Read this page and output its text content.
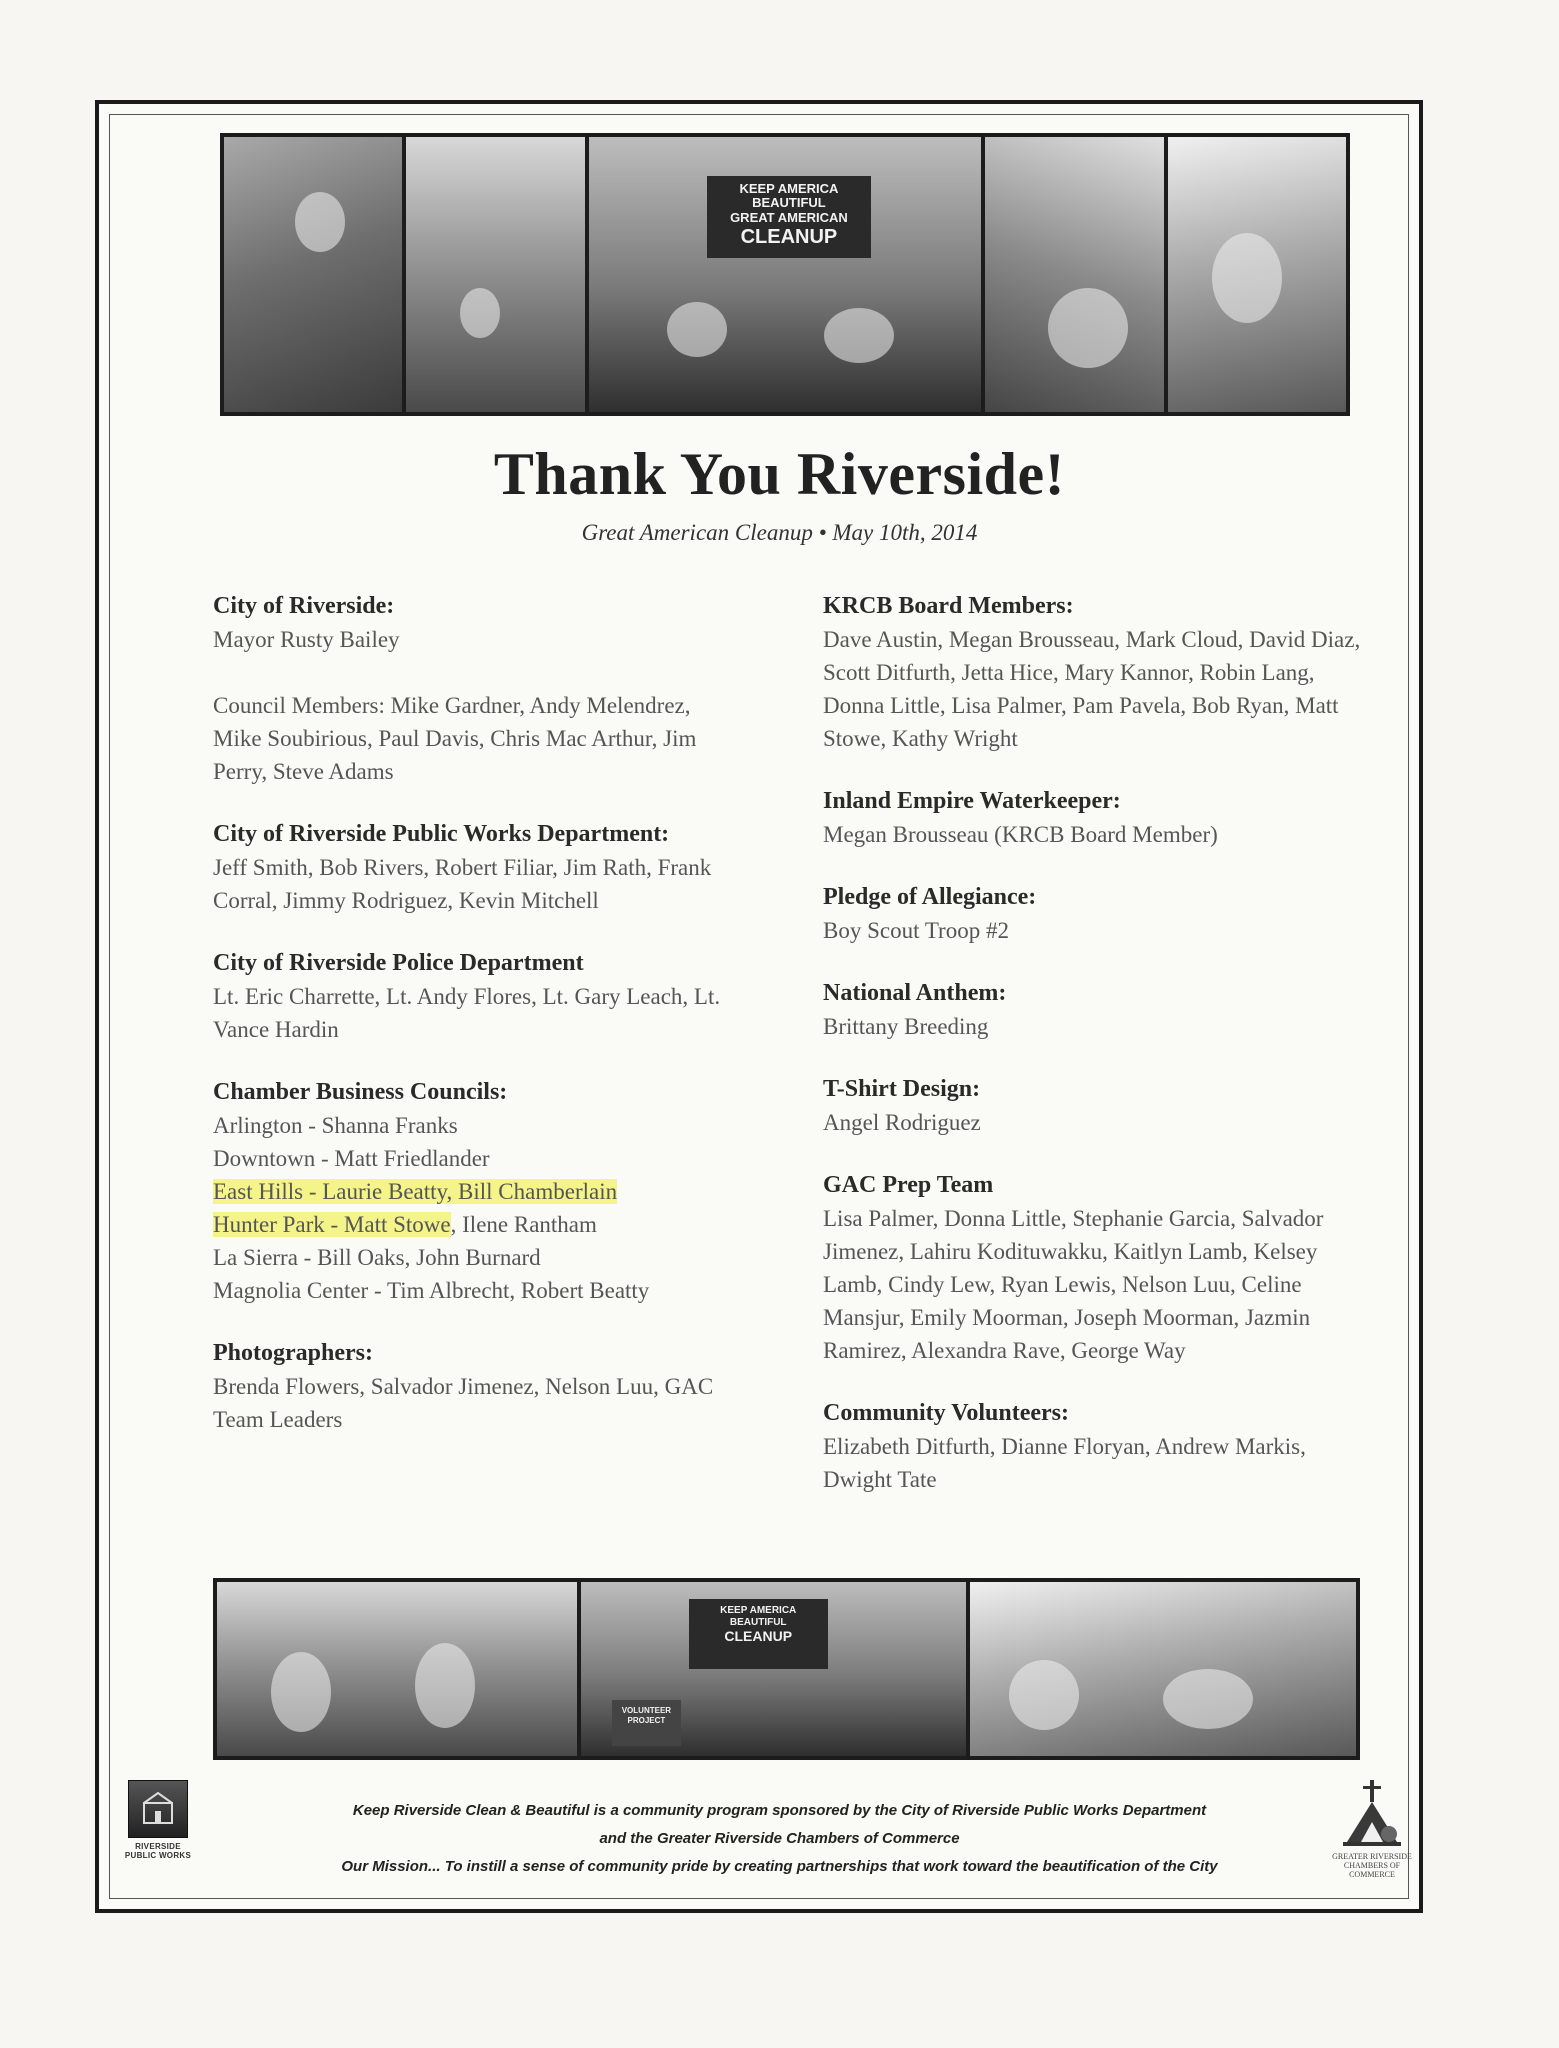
KEEP AMERICA
BEAUTIFUL
GREAT AMERICAN
CLEANUP
Thank You Riverside!
Great American Cleanup • May 10th, 2014
City of Riverside:

Mayor Rusty Bailey

Council Members: Mike Gardner, Andy Melendrez, Mike Soubirious, Paul Davis, Chris Mac Arthur, Jim Perry, Steve Adams

City of Riverside Public Works Department:

Jeff Smith, Bob Rivers, Robert Filiar, Jim Rath, Frank Corral, Jimmy Rodriguez, Kevin Mitchell

City of Riverside Police Department

Lt. Eric Charrette, Lt. Andy Flores, Lt. Gary Leach, Lt. Vance Hardin

Chamber Business Councils:

Arlington - Shanna Franks

Downtown - Matt Friedlander

East Hills - Laurie Beatty, Bill Chamberlain

Hunter Park - Matt Stowe, Ilene Rantham

La Sierra - Bill Oaks, John Burnard

Magnolia Center - Tim Albrecht, Robert Beatty

Photographers:

Brenda Flowers, Salvador Jimenez, Nelson Luu, GAC Team Leaders

KRCB Board Members:

Dave Austin, Megan Brousseau, Mark Cloud, David Diaz, Scott Ditfurth, Jetta Hice, Mary Kannor, Robin Lang, Donna Little, Lisa Palmer, Pam Pavela, Bob Ryan, Matt Stowe, Kathy Wright

Inland Empire Waterkeeper:

Megan Brousseau (KRCB Board Member)

Pledge of Allegiance:

Boy Scout Troop #2

National Anthem:

Brittany Breeding

T-Shirt Design:

Angel Rodriguez

GAC Prep Team

Lisa Palmer, Donna Little, Stephanie Garcia, Salvador Jimenez, Lahiru Kodituwakku, Kaitlyn Lamb, Kelsey Lamb, Cindy Lew, Ryan Lewis, Nelson Luu, Celine Mansjur, Emily Moorman, Joseph Moorman, Jazmin Ramirez, Alexandra Rave, George Way

Community Volunteers:

Elizabeth Ditfurth, Dianne Floryan, Andrew Markis, Dwight Tate

KEEP AMERICA
BEAUTIFUL
CLEANUP
VOLUNTEER PROJECT
RIVERSIDE
PUBLIC WORKS
Keep Riverside Clean & Beautiful is a community program sponsored by the City of Riverside Public Works Department
and the Greater Riverside Chambers of Commerce
Our Mission... To instill a sense of community pride by creating partnerships that work toward the beautification of the City
GREATER RIVERSIDE CHAMBERS OF COMMERCE
